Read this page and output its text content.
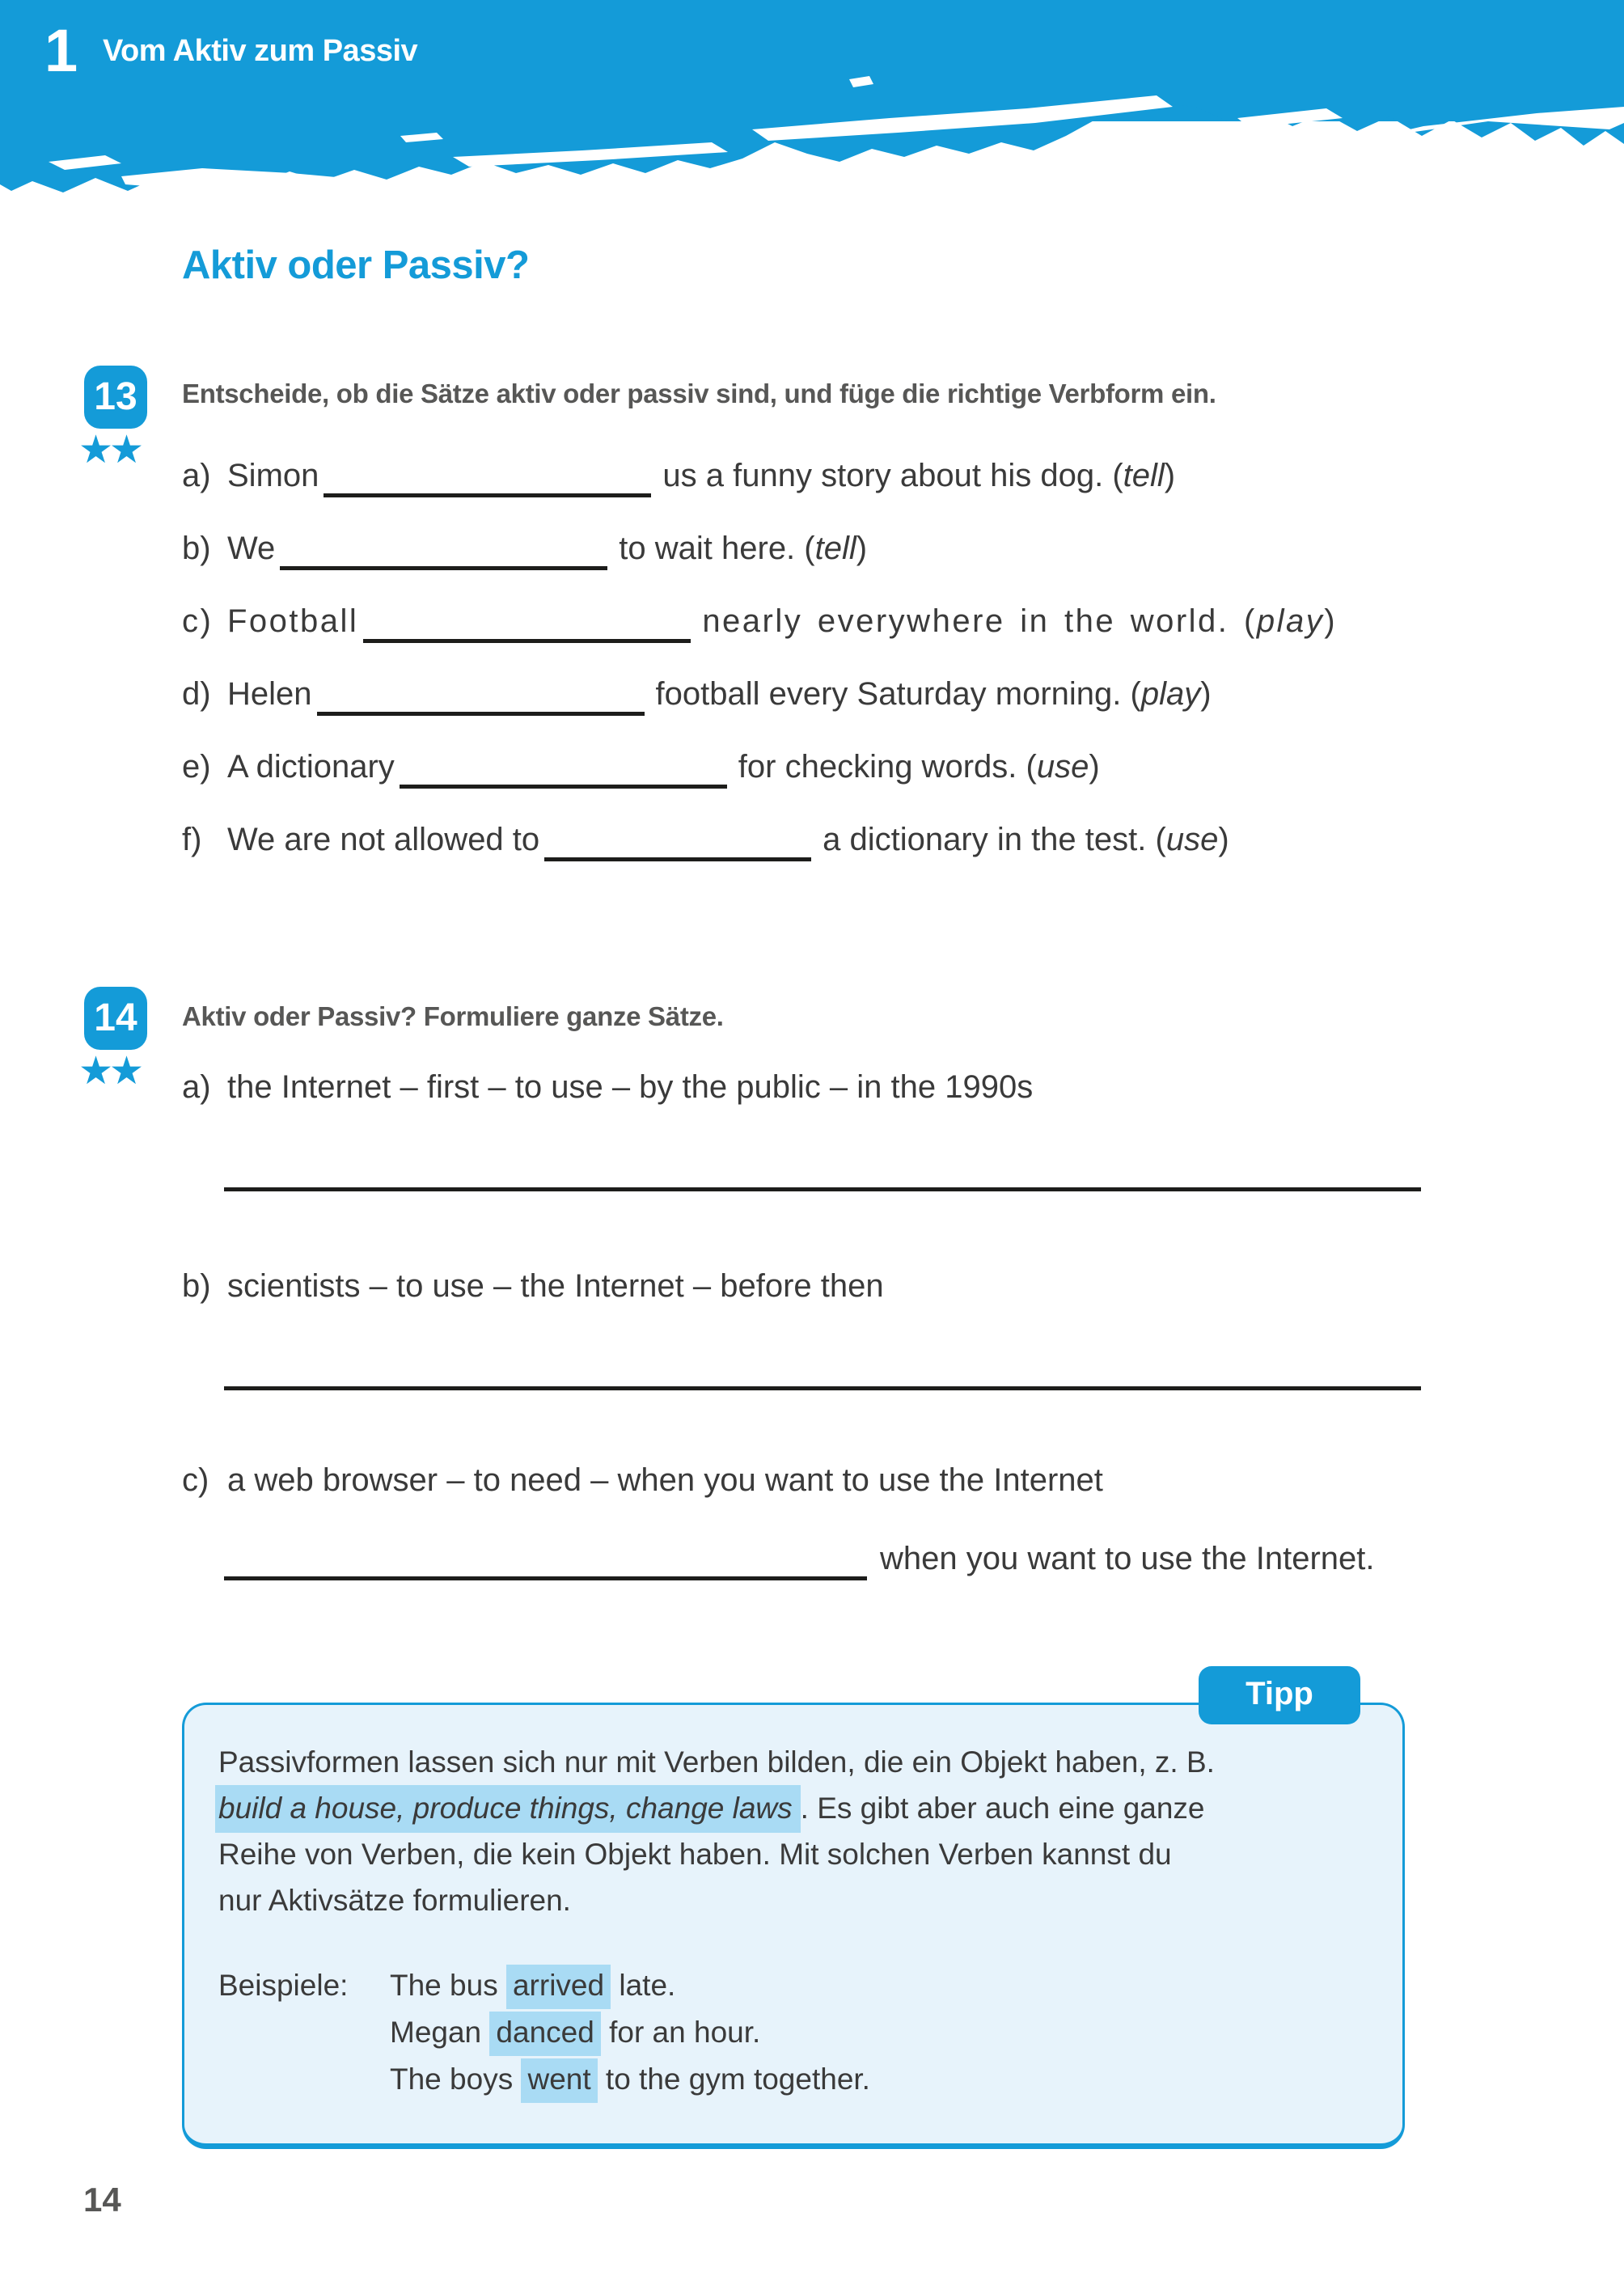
1 Vom Aktiv zum Passiv
Aktiv oder Passiv?
13
★★
Entscheide, ob die Sätze aktiv oder passiv sind, und füge die richtige Verbform ein.
a) Simon	us a funny story about his dog. (tell)
b) We	to wait here. (tell)
c) Football	nearly everywhere in the world. (play)
d) Helen	football every Saturday morning. (play)
e) A dictionary	for checking words. (use)
f) We are not allowed to	a dictionary in the test. (use)
14
★★
Aktiv oder Passiv? Formuliere ganze Sätze.
a) the Internet – first – to use – by the public – in the 1990s
b) scientists – to use – the Internet – before then
c) a web browser – to need – when you want to use the Internet
when you want to use the Internet.
Passivformen lassen sich nur mit Verben bilden, die ein Objekt haben, z. B.
build a house, produce things, change laws . Es gibt aber auch eine ganze
Reihe von Verben, die kein Objekt haben. Mit solchen Verben kannst du
nur Aktivsätze formulieren.
Beispiele:	The bus arrived late.
Megan danced for an hour.
The boys went to the gym together.
Tipp
14
